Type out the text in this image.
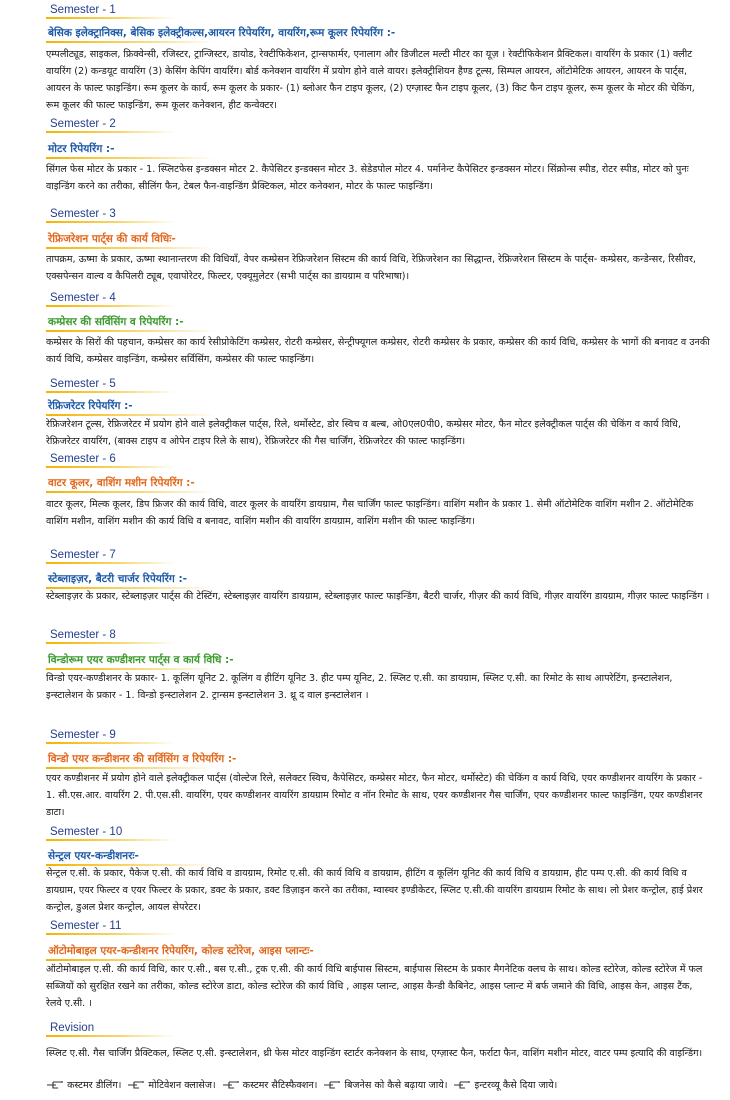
Semester - 1
बेसिक इलेक्ट्रानिक्स, बेसिक इलेक्ट्रीकल्स,आयरन रिपेयरिंग, वायरिंग,रूम कूलर रिपेयरिंग :-

एम्पलीट्यूड, साइकल, फ्रिक्वेन्सी, रजिस्टर, ट्रान्जिस्टर, डायोड, रेक्टीफिकेशन, ट्रान्सफार्मर, एनालाग और डिजीटल मल्टी मीटर का यूज़ । रेक्टीफिकेशन प्रैक्टिकल। वायरिंग के प्रकार (1) क्लीट वायरिंग (2) कन्डयूट वायरिंग (3) केसिंग केपिंग वायरिंग। बोर्ड कनेक्शन वायरिंग में प्रयोग होने वाले वायर। इलेक्ट्रीशियन हैण्ड टूल्स, सिम्पल आयरन, ऑटोमेटिक आयरन, आयरन के पार्ट्स, आयरन के फाल्ट फाइन्डिंग। रूम कूलर के कार्य, रूम कूलर के प्रकार- (1) ब्लोअर फैन टाइप कूलर, (2) एग्ज़ास्ट फैन टाइप कूलर, (3) किट फैन टाइप कूलर, रूम कूलर के मोटर की चेकिंग, रूम कूलर की फाल्ट फाइन्डिंग, रूम कूलर कनेक्शन, हीट कन्वेक्टर।

Semester - 2
मोटर रिपेयरिंग :-

सिंगल फेस मोटर के प्रकार - 1. स्प्लिटफेस इन्डक्सन मोटर 2. कैपेसिटर इन्डक्सन मोटर 3. सेडेडपोल मोटर 4. पर्मानेन्ट कैपेसिटर इन्डक्सन मोटर। सिंक्रोन्स स्पीड, रोटर स्पीड, मोटर को पुनः वाइन्डिंग करने का तरीका, सीलिंग फैन, टेबल फैन-वाइन्डिंग प्रैक्टिकल, मोटर कनेक्शन, मोटर के फाल्ट फाइन्डिंग।

Semester - 3
रेफ्रिजरेशन पार्ट्स की कार्य विधिः-

तापक्रम, ऊष्मा के प्रकार, ऊष्मा स्थानान्तरण की विधियाँ, वेपर कम्प्रेसन रेफ्रिजरेशन सिस्टम की कार्य विधि, रेफ्रिजरेशन का सिद्धान्त, रेफ्रिजरेशन सिस्टम के पार्ट्स- कम्प्रेसर, कन्डेन्सर, रिसीवर, एक्सपेन्सन वाल्व व कैपिलरी ट्यूब, एवापोरेटर, फिल्टर, एक्यूमुलेटर (सभी पार्ट्स का डायग्राम व परिभाषा)।

Semester - 4
कम्प्रेसर की सर्विसिंग व रिपेयरिंग :-

कम्प्रेसर के सिरों की पहचान, कम्प्रेसर का कार्य रेसीप्रोकेटिंग कम्प्रेसर, रोटरी कम्प्रेसर, सेन्ट्रीफ्यूगल कम्प्रेसर, रोटरी कम्प्रेसर के प्रकार, कम्प्रेसर की कार्य विधि, कम्प्रेसर के भागों की बनावट व उनकी कार्य विधि, कम्प्रेसर वाइन्डिंग, कम्प्रेसर सर्विसिंग, कम्प्रेसर की फाल्ट फाइन्डिंग।

Semester - 5
रेफ्रिजरेटर रिपेयरिंग :-

रेफ्रिजरेशन टूल्स, रेफ्रिजरेटर में प्रयोग होने वाले इलेक्ट्रीकल पार्ट्स, रिले, थर्मोस्टेट, डोर स्विच व बल्ब, ओ0एल0पी0, कम्प्रेसर मोटर, फैन मोटर इलेक्ट्रीकल पार्ट्स की चेकिंग व कार्य विधि, रेफ्रिजरेटर वायरिंग, (बाक्स टाइप व ओपेन टाइप रिले के साथ), रेफ्रिजरेटर की गैस चार्जिंग, रेफ्रिजरेटर की फाल्ट फाइन्डिंग।

Semester - 6
वाटर कूलर, वाशिंग मशीन रिपेयरिंग :-

वाटर कूलर, मिल्क कूलर, डिप फ्रिजर की कार्य विधि, वाटर कूलर के वायरिंग डायग्राम, गैस चार्जिंग फाल्ट फाइन्डिंग। वाशिंग मशीन के प्रकार 1. सेमी ऑटोमेटिक वाशिंग मशीन 2. ऑटोमेटिक वाशिंग मशीन, वाशिंग मशीन की कार्य विधि व बनावट, वाशिंग मशीन की वायरिंग डायग्राम, वाशिंग मशीन की फाल्ट फाइन्डिंग।

Semester - 7
स्टेब्लाइज़र, बैटरी चार्जर रिपेयरिंग :-

स्टेब्लाइज़र के प्रकार, स्टेब्लाइज़र पार्ट्स की टेस्टिंग, स्टेब्लाइज़र वायरिंग डायग्राम, स्टेब्लाइज़र फाल्ट फाइन्डिंग, बैटरी चार्जर, गीज़र की कार्य विधि, गीज़र वायरिंग डायग्राम, गीज़र फाल्ट फाइन्डिंग ।

Semester - 8
विन्डोरूम एयर कण्डीशनर पार्ट्स व कार्य विधि :-

विन्डो एयर-कण्डीशनर के प्रकार- 1. कूलिंग यूनिट 2. कूलिंग व हीटिंग यूनिट 3. हीट पम्प यूनिट, 2. स्प्लिट ए.सी. का डायग्राम, स्प्लिट ए.सी. का रिमोट के साथ आपरेटिंग, इन्स्टालेशन, इन्स्टालेशन के प्रकार - 1. विन्डो इन्स्टालेशन 2. ट्रान्सम इन्स्टालेशन 3. थ्रू द वाल इन्स्टालेशन ।

Semester - 9
विन्डो एयर कन्डीशनर की सर्विसिंग व रिपेयरिंग :-

एयर कण्डीशनर में प्रयोग होने वाले इलेक्ट्रीकल पार्ट्स (वोल्टेज रिले, सलेक्टर स्विच, कैपेसिटर, कम्प्रेसर मोटर, फैन मोटर, थर्मोस्टेट) की चेकिंग व कार्य विधि, एयर कण्डीशनर वायरिंग के प्रकार - 1. सी.एस.आर. वायरिंग 2. पी.एस.सी. वायरिंग, एयर कण्डीशनर वायरिंग डायग्राम रिमोट व नॉन रिमोट के साथ, एयर कण्डीशनर गैस चार्जिंग, एयर कण्डीशनर फाल्ट फाइन्डिंग, एयर कण्डीशनर डाटा।

Semester - 10
सेन्ट्रल एयर-कन्डीशनरः-

सेन्ट्रल ए.सी. के प्रकार, पैकेज ए.सी. की कार्य विधि व डायग्राम, रिमोट ए.सी. की कार्य विधि व डायग्राम, हीटिंग व कूलिंग यूनिट की कार्य विधि व डायग्राम, हीट पम्प ए.सी. की कार्य विधि व डायग्राम, एयर फिल्टर व एयर फिल्टर के प्रकार, डक्ट के प्रकार, डक्ट डिज़ाइन करने का तरीका, म्वास्चर इण्डीकेटर, स्प्लिट ए.सी.की वायरिंग डायग्राम रिमोट के साथ। लो प्रेशर कन्ट्रोल, हाई प्रेशर कन्ट्रोल, डुअल प्रेशर कन्ट्रोल, आयल सेपरेटर।

Semester - 11
ऑटोमोबाइल एयर-कन्डीशनर रिपेयरिंग, कोल्ड स्टोरेज, आइस प्लान्टः-

ऑटोमोबाइल ए.सी. की कार्य विधि, कार ए.सी., बस ए.सी., ट्रक ए.सी. की कार्य विधि बाईपास सिस्टम, बाईपास सिस्टम के प्रकार मैगनेटिक क्लच के साथ। कोल्ड स्टोरेज, कोल्ड स्टोरेज में फल सब्जियों को सुरक्षित रखने का तरीका, कोल्ड स्टोरेज डाटा, कोल्ड स्टोरेज की कार्य विधि , आइस प्लान्ट, आइस कैन्डी कैबिनेट, आइस प्लान्ट में बर्फ जमाने की विधि, आइस केन, आइस टैंक, रेलवे ए.सी. ।

Revision

स्प्लिट ए.सी. गैस चार्जिंग प्रैक्टिकल, स्प्लिट ए.सी. इन्स्टालेशन, थ्री फेस मोटर वाइन्डिंग स्टार्टर कनेक्शन के साथ, एग्ज़ास्ट फैन, फर्राटा फैन, वाशिंग मशीन मोटर, वाटर पम्प इत्यादि की वाइन्डिंग।

कस्टमर डीलिंग।	मोटिवेशन क्लासेज।	कस्टमर सैटिस्फैक्शन।	बिजनेस को कैसे बढ़ाया जाये।	इन्टरव्यू कैसे दिया जाये।
